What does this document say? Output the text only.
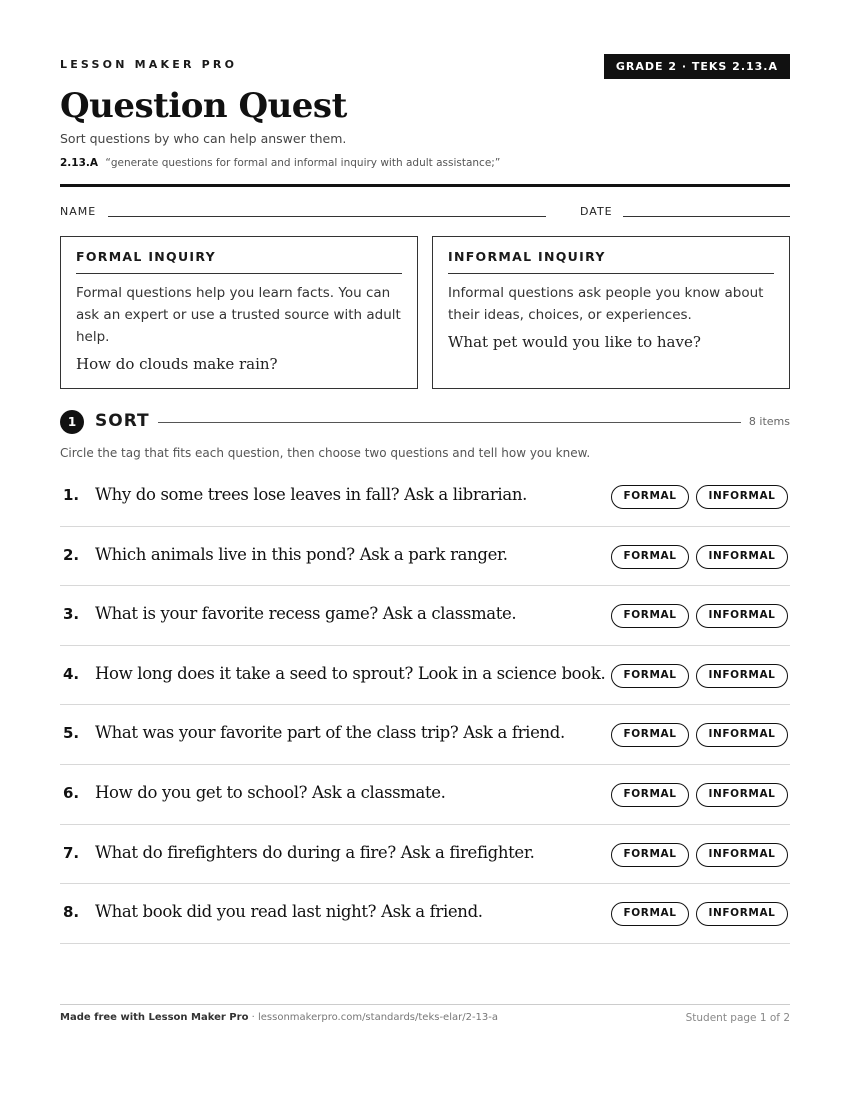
LESSON MAKER PRO	GRADE 2 · TEKS 2.13.A
Question Quest
Sort questions by who can help answer them.
2.13.A “generate questions for formal and informal inquiry with adult assistance;”
NAME	DATE
FORMAL INQUIRY
Formal questions help you learn facts. You can ask an expert or use a trusted source with adult help.
How do clouds make rain?
INFORMAL INQUIRY
Informal questions ask people you know about their ideas, choices, or experiences.
What pet would you like to have?
1	SORT	8 items
Circle the tag that fits each question, then choose two questions and tell how you knew.
1. Why do some trees lose leaves in fall? Ask a librarian.	FORMAL	INFORMAL
2. Which animals live in this pond? Ask a park ranger.	FORMAL	INFORMAL
3. What is your favorite recess game? Ask a classmate.	FORMAL	INFORMAL
4. How long does it take a seed to sprout? Look in a science book.	FORMAL	INFORMAL
5. What was your favorite part of the class trip? Ask a friend.	FORMAL	INFORMAL
6. How do you get to school? Ask a classmate.	FORMAL	INFORMAL
7. What do firefighters do during a fire? Ask a firefighter.	FORMAL	INFORMAL
8. What book did you read last night? Ask a friend.	FORMAL	INFORMAL
Made free with Lesson Maker Pro · lessonmakerpro.com/standards/teks-elar/2-13-a	Student page 1 of 2
